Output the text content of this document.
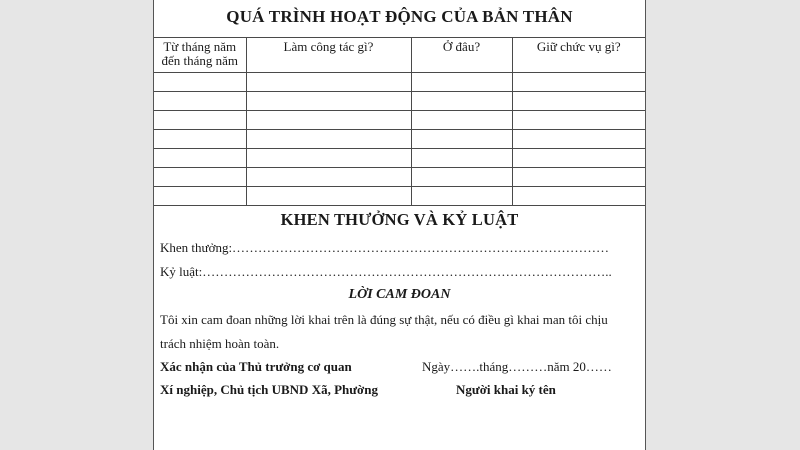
QUÁ TRÌNH HOẠT ĐỘNG CỦA BẢN THÂN
Từ tháng năm đến tháng năm	Làm công tác gì?	Ở đâu?	Giữ chức vụ gì?

KHEN THƯỞNG VÀ KỶ LUẬT
Khen thưởng:……………………………………………………………………………
Kỷ luật:…………………………………………………………………………………..
LỜI CAM ĐOAN
Tôi xin cam đoan những lời khai trên là đúng sự thật, nếu có điều gì khai man tôi chịu
trách nhiệm hoàn toàn.
Xác nhận của Thủ trưởng cơ quan	Ngày…….tháng………năm 20……
Xí nghiệp, Chủ tịch UBND Xã, Phường	Người khai ký tên
